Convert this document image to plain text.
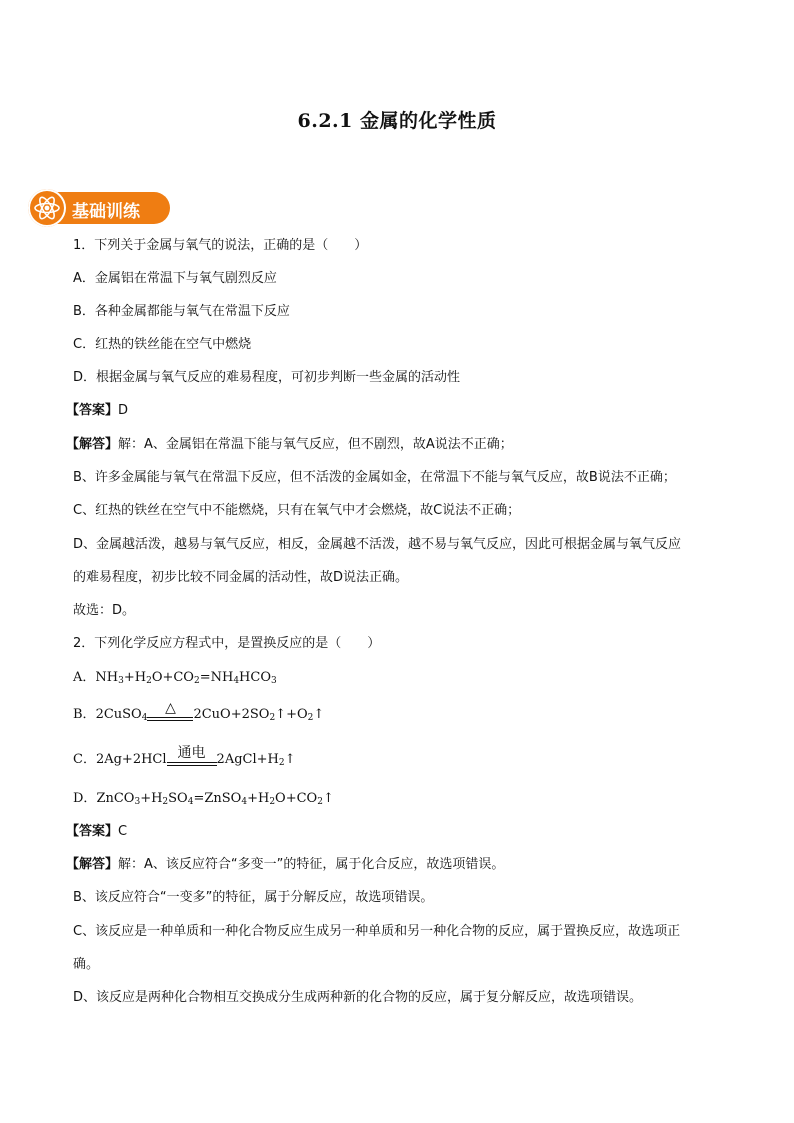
6.2.1 金属的化学性质
基础训练
1．下列关于金属与氧气的说法，正确的是（　　）
A．金属铝在常温下与氧气剧烈反应
B．各种金属都能与氧气在常温下反应
C．红热的铁丝能在空气中燃烧
D．根据金属与氧气反应的难易程度，可初步判断一些金属的活动性
【答案】D
【解答】解：A、金属铝在常温下能与氧气反应，但不剧烈，故A说法不正确；
B、许多金属能与氧气在常温下反应，但不活泼的金属如金，在常温下不能与氧气反应，故B说法不正确；
C、红热的铁丝在空气中不能燃烧，只有在氧气中才会燃烧，故C说法不正确；
D、金属越活泼，越易与氧气反应，相反，金属越不活泼，越不易与氧气反应，因此可根据金属与氧气反应
的难易程度，初步比较不同金属的活动性，故D说法正确。
故选：D。
2．下列化学反应方程式中，是置换反应的是（　　）
A．$NH_3+H_2O+CO_2=NH_4HCO_3$
B．2CuSO$_4$
△	$2CuO+2SO_2↑+O_2↑$
C．2Ag+2HCl 通电 $2AgCl+H_2↑$
D．$ZnCO_3+H_2SO_4=ZnSO_4+H_2O+CO_2↑$
【答案】C
【解答】解：A、该反应符合“多变一”的特征，属于化合反应，故选项错误。
B、该反应符合“一变多”的特征，属于分解反应，故选项错误。
C、该反应是一种单质和一种化合物反应生成另一种单质和另一种化合物的反应，属于置换反应，故选项正
确。
D、该反应是两种化合物相互交换成分生成两种新的化合物的反应，属于复分解反应，故选项错误。
